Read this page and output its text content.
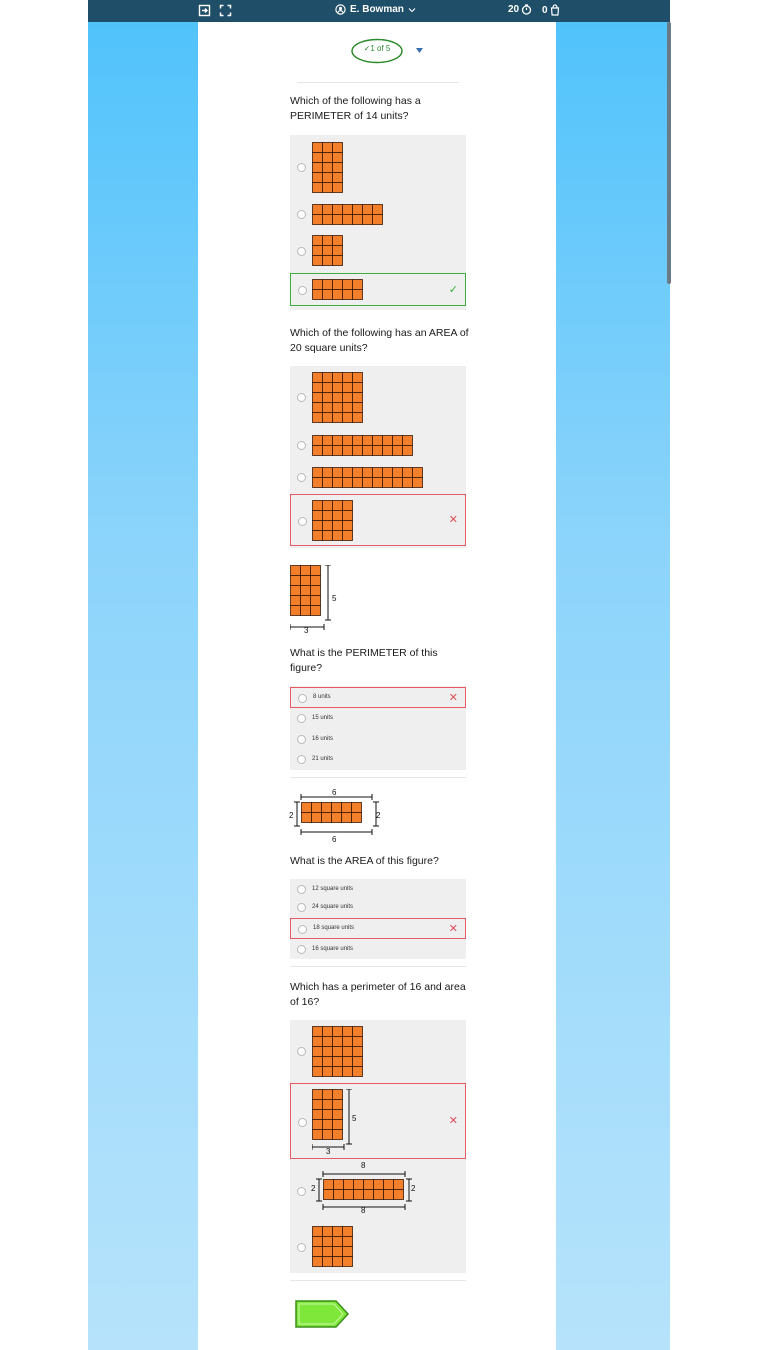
E. Bowman	20 0
✓1 of 5
Which of the following has a PERIMETER of 14 units?
✓
Which of the following has an AREA of 20 square units?
✕
5
3
What is the PERIMETER of this figure?
8 units	✕
15 units
16 units
21 units
6
6
2	2
What is the AREA of this figure?
12 square units
24 square units
18 square units	✕
16 square units
Which has a perimeter of 16 and area of 16?
5
3
✕
8
8
2	2
